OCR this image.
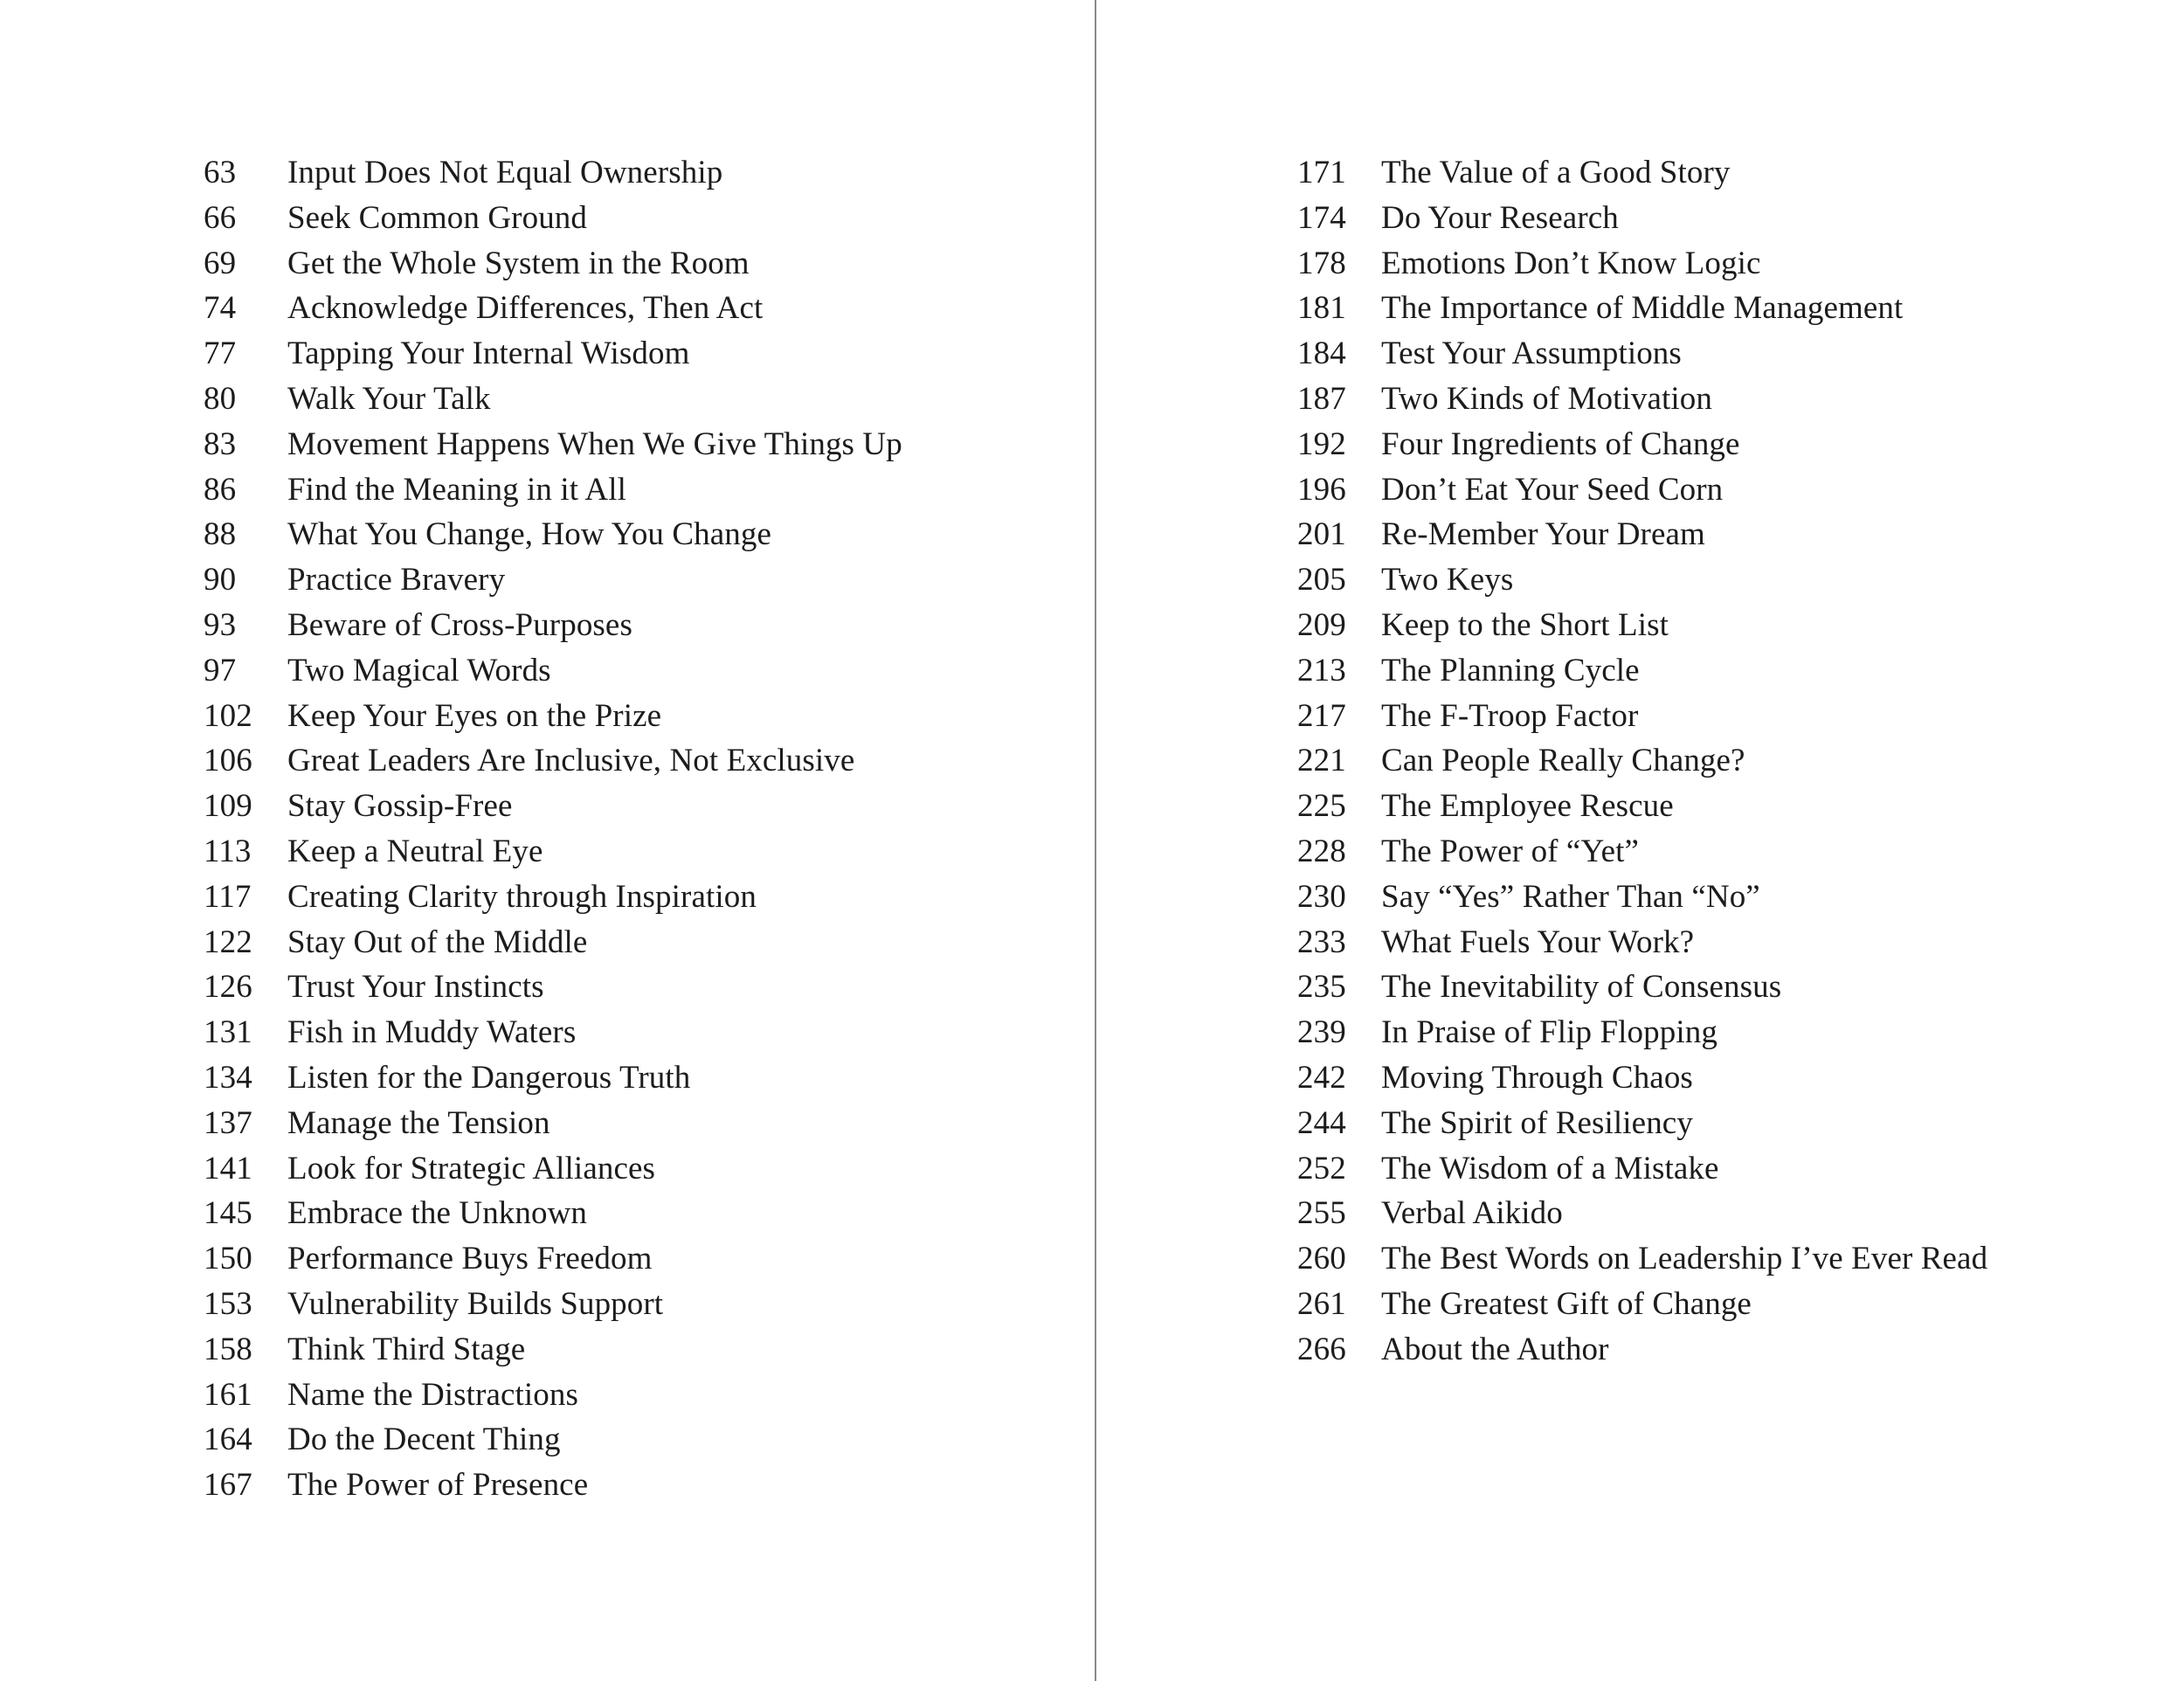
63	Input Does Not Equal Ownership
66	Seek Common Ground
69	Get the Whole System in the Room
74	Acknowledge Differences, Then Act
77	Tapping Your Internal Wisdom
80	Walk Your Talk
83	Movement Happens When We Give Things Up
86	Find the Meaning in it All
88	What You Change, How You Change
90	Practice Bravery
93	Beware of Cross-Purposes
97	Two Magical Words
102	Keep Your Eyes on the Prize
106	Great Leaders Are Inclusive, Not Exclusive
109	Stay Gossip-Free
113	Keep a Neutral Eye
117	Creating Clarity through Inspiration
122	Stay Out of the Middle
126	Trust Your Instincts
131	Fish in Muddy Waters
134	Listen for the Dangerous Truth
137	Manage the Tension
141	Look for Strategic Alliances
145	Embrace the Unknown
150	Performance Buys Freedom
153	Vulnerability Builds Support
158	Think Third Stage
161	Name the Distractions
164	Do the Decent Thing
167	The Power of Presence
171	The Value of a Good Story
174	Do Your Research
178	Emotions Don’t Know Logic
181	The Importance of Middle Management
184	Test Your Assumptions
187	Two Kinds of Motivation
192	Four Ingredients of Change
196	Don’t Eat Your Seed Corn
201	Re-Member Your Dream
205	Two Keys
209	Keep to the Short List
213	The Planning Cycle
217	The F-Troop Factor
221	Can People Really Change?
225	The Employee Rescue
228	The Power of “Yet”
230	Say “Yes” Rather Than “No”
233	What Fuels Your Work?
235	The Inevitability of Consensus
239	In Praise of Flip Flopping
242	Moving Through Chaos
244	The Spirit of Resiliency
252	The Wisdom of a Mistake
255	Verbal Aikido
260	The Best Words on Leadership I’ve Ever Read
261	The Greatest Gift of Change
266	About the Author
